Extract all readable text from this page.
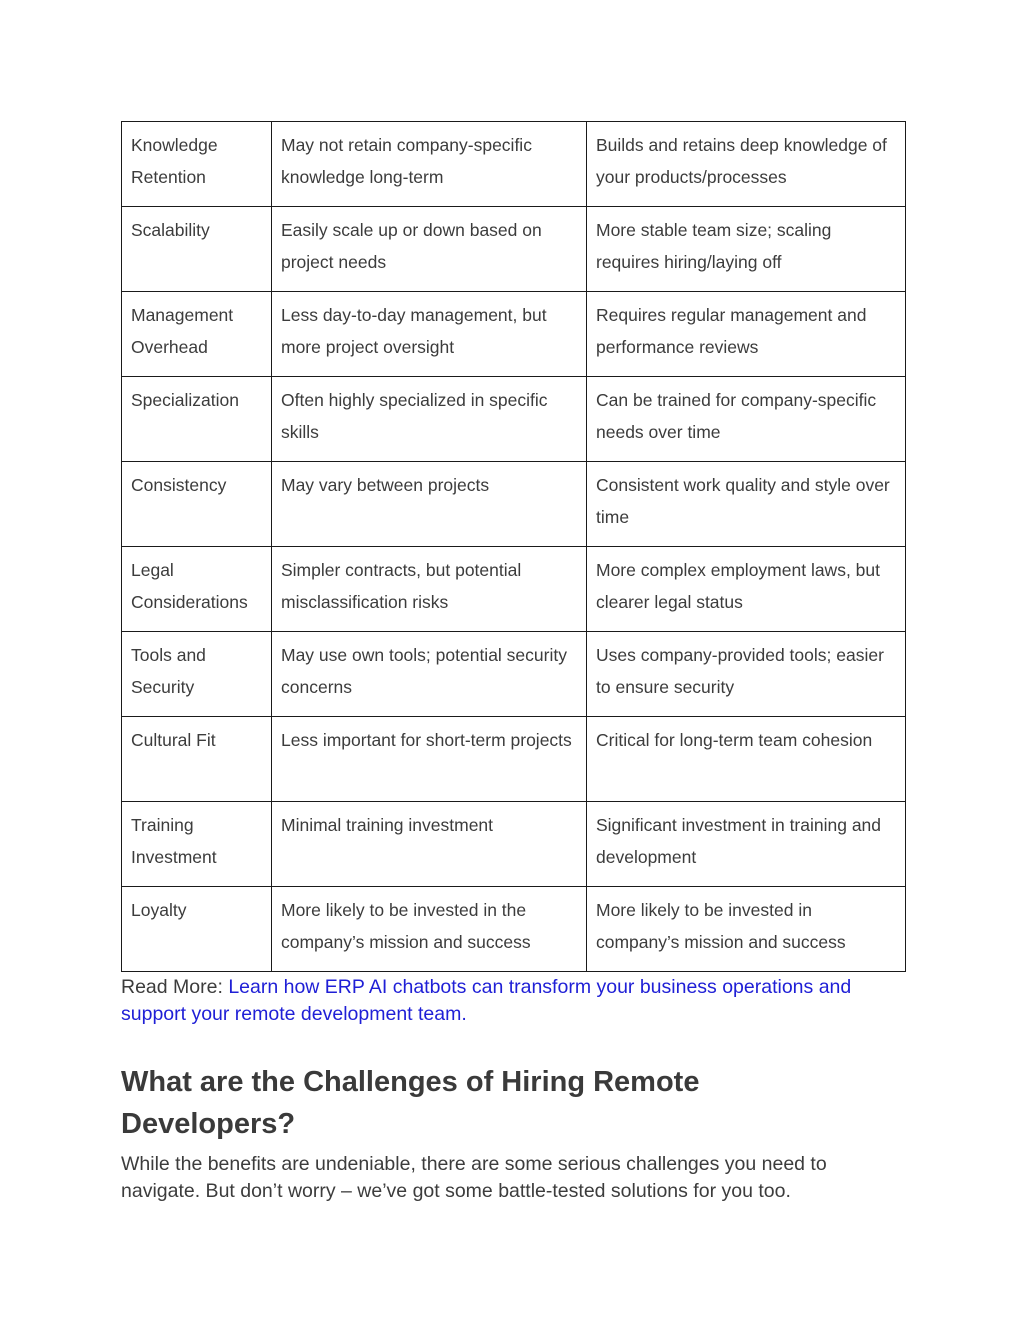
Knowledge Retention	May not retain company-specific knowledge long-term	Builds and retains deep knowledge of your products/processes
Scalability	Easily scale up or down based on project needs	More stable team size; scaling requires hiring/laying off
Management Overhead	Less day-to-day management, but more project oversight	Requires regular management and performance reviews
Specialization	Often highly specialized in specific skills	Can be trained for company-specific needs over time
Consistency	May vary between projects	Consistent work quality and style over time
Legal Considerations	Simpler contracts, but potential misclassification risks	More complex employment laws, but clearer legal status
Tools and Security	May use own tools; potential security concerns	Uses company-provided tools; easier to ensure security
Cultural Fit	Less important for short-term projects	Critical for long-term team cohesion
Training Investment	Minimal training investment	Significant investment in training and development
Loyalty	More likely to be invested in the company’s mission and success	More likely to be invested in company’s mission and success
Read More: Learn how ERP AI chatbots can transform your business operations and support your remote development team.
What are the Challenges of Hiring Remote Developers?

While the benefits are undeniable, there are some serious challenges you need to navigate. But don’t worry – we’ve got some battle-tested solutions for you too.
